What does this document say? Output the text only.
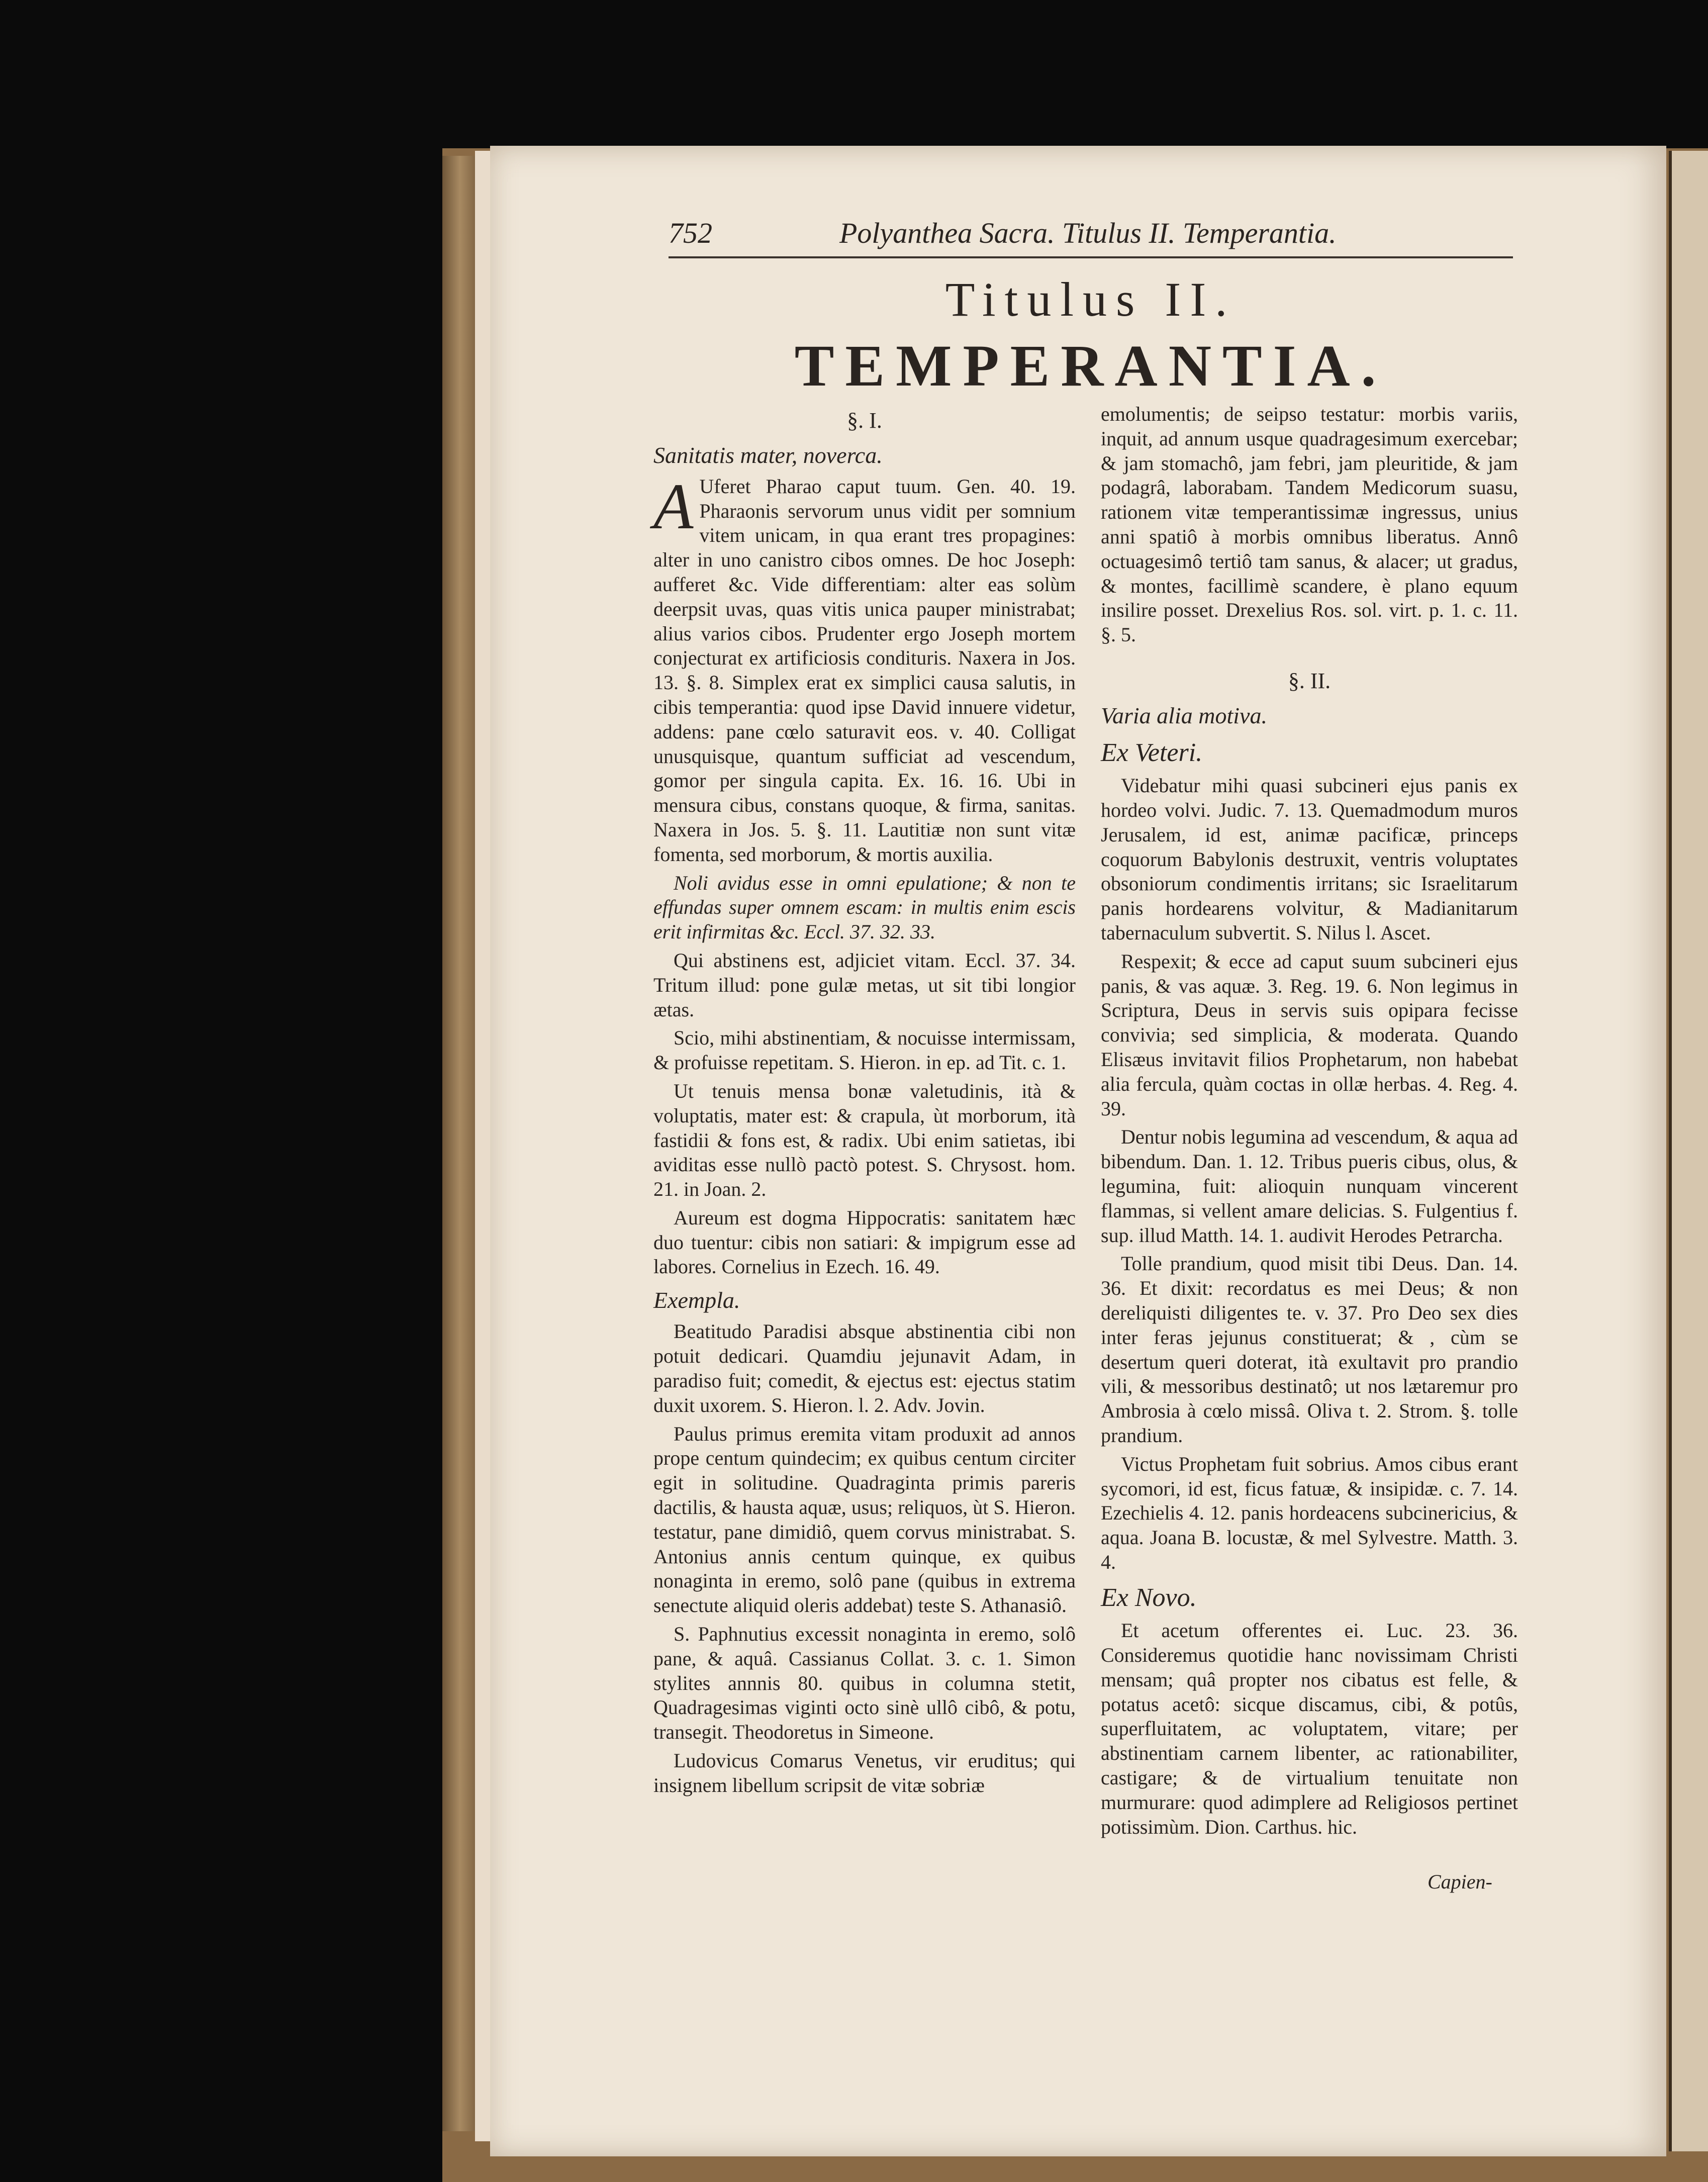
752	Polyanthea Sacra. Titulus II. Temperantia.
Titulus II.
TEMPERANTIA.

§. I.

Sanitatis mater, noverca.

A Uferet Pharao caput tuum. Gen. 40. 19. Pharaonis servorum unus vidit per somnium vitem unicam, in qua erant tres propagines: alter in uno canistro cibos omnes. De hoc Joseph: aufferet &c. Vide differentiam: alter eas solùm deerpsit uvas, quas vitis unica pauper ministrabat; alius varios cibos. Prudenter ergo Joseph mortem conjecturat ex artificiosis condituris. Naxera in Jos. 13. §. 8. Simplex erat ex simplici causa salutis, in cibis temperantia: quod ipse David innuere videtur, addens: pane cœlo saturavit eos. v. 40. Colligat unusquisque, quantum sufficiat ad vescendum, gomor per singula capita. Ex. 16. 16. Ubi in mensura cibus, constans quoque, & firma, sanitas. Naxera in Jos. 5. §. 11. Lautitiæ non sunt vitæ fomenta, sed morborum, & mortis auxilia.

Noli avidus esse in omni epulatione; & non te effundas super omnem escam: in multis enim escis erit infirmitas &c. Eccl. 37. 32. 33.

Qui abstinens est, adjiciet vitam. Eccl. 37. 34. Tritum illud: pone gulæ metas, ut sit tibi longior ætas.

Scio, mihi abstinentiam, & nocuisse intermissam, & profuisse repetitam. S. Hieron. in ep. ad Tit. c. 1.

Ut tenuis mensa bonæ valetudinis, ità & voluptatis, mater est: & crapula, ùt morborum, ità fastidii & fons est, & radix. Ubi enim satietas, ibi aviditas esse nullò pactò potest. S. Chrysost. hom. 21. in Joan. 2.

Aureum est dogma Hippocratis: sanitatem hæc duo tuentur: cibis non satiari: & impigrum esse ad labores. Cornelius in Ezech. 16. 49.

Exempla.

Beatitudo Paradisi absque abstinentia cibi non potuit dedicari. Quamdiu jejunavit Adam, in paradiso fuit; comedit, & ejectus est: ejectus statim duxit uxorem. S. Hieron. l. 2. Adv. Jovin.

Paulus primus eremita vitam produxit ad annos prope centum quindecim; ex quibus centum circiter egit in solitudine. Quadraginta primis pareris dactilis, & hausta aquæ, usus; reliquos, ùt S. Hieron. testatur, pane dimidiô, quem corvus ministrabat. S. Antonius annis centum quinque, ex quibus nonaginta in eremo, solô pane (quibus in extrema senectute aliquid oleris addebat) teste S. Athanasiô.

S. Paphnutius excessit nonaginta in eremo, solô pane, & aquâ. Cassianus Collat. 3. c. 1. Simon stylites annnis 80. quibus in columna stetit, Quadragesimas viginti octo sinè ullô cibô, & potu, transegit. Theodoretus in Simeone.

Ludovicus Comarus Venetus, vir eruditus; qui insignem libellum scripsit de vitæ sobriæ

emolumentis; de seipso testatur: morbis variis, inquit, ad annum usque quadragesimum exercebar; & jam stomachô, jam febri, jam pleuritide, & jam podagrâ, laborabam. Tandem Medicorum suasu, rationem vitæ temperantissimæ ingressus, unius anni spatiô à morbis omnibus liberatus. Annô octuagesimô tertiô tam sanus, & alacer; ut gradus, & montes, facillimè scandere, è plano equum insilire posset. Drexelius Ros. sol. virt. p. 1. c. 11. §. 5.

§. II.

Varia alia motiva.

Ex Veteri.

Videbatur mihi quasi subcineri ejus panis ex hordeo volvi. Judic. 7. 13. Quemadmodum muros Jerusalem, id est, animæ pacificæ, princeps coquorum Babylonis destruxit, ventris voluptates obsoniorum condimentis irritans; sic Israelitarum panis hordearens volvitur, & Madianitarum tabernaculum subvertit. S. Nilus l. Ascet.

Respexit; & ecce ad caput suum subcineri ejus panis, & vas aquæ. 3. Reg. 19. 6. Non legimus in Scriptura, Deus in servis suis opipara fecisse convivia; sed simplicia, & moderata. Quando Elisæus invitavit filios Prophetarum, non habebat alia fercula, quàm coctas in ollæ herbas. 4. Reg. 4. 39.

Dentur nobis legumina ad vescendum, & aqua ad bibendum. Dan. 1. 12. Tribus pueris cibus, olus, & legumina, fuit: alioquin nunquam vincerent flammas, si vellent amare delicias. S. Fulgentius f. sup. illud Matth. 14. 1. audivit Herodes Petrarcha.

Tolle prandium, quod misit tibi Deus. Dan. 14. 36. Et dixit: recordatus es mei Deus; & non dereliquisti diligentes te. v. 37. Pro Deo sex dies inter feras jejunus constituerat; & , cùm se desertum queri doterat, ità exultavit pro prandio vili, & messoribus destinatô; ut nos lætaremur pro Ambrosia à cœlo missâ. Oliva t. 2. Strom. §. tolle prandium.

Victus Prophetam fuit sobrius. Amos cibus erant sycomori, id est, ficus fatuæ, & insipidæ. c. 7. 14. Ezechielis 4. 12. panis hordeacens subcinericius, & aqua. Joana B. locustæ, & mel Sylvestre. Matth. 3. 4.

Ex Novo.

Et acetum offerentes ei. Luc. 23. 36. Consideremus quotidie hanc novissimam Christi mensam; quâ propter nos cibatus est felle, & potatus acetô: sicque discamus, cibi, & potûs, superfluitatem, ac voluptatem, vitare; per abstinentiam carnem libenter, ac rationabiliter, castigare; & de virtualium tenuitate non murmurare: quod adimplere ad Religiosos pertinet potissimùm. Dion. Carthus. hic.

Capien-
